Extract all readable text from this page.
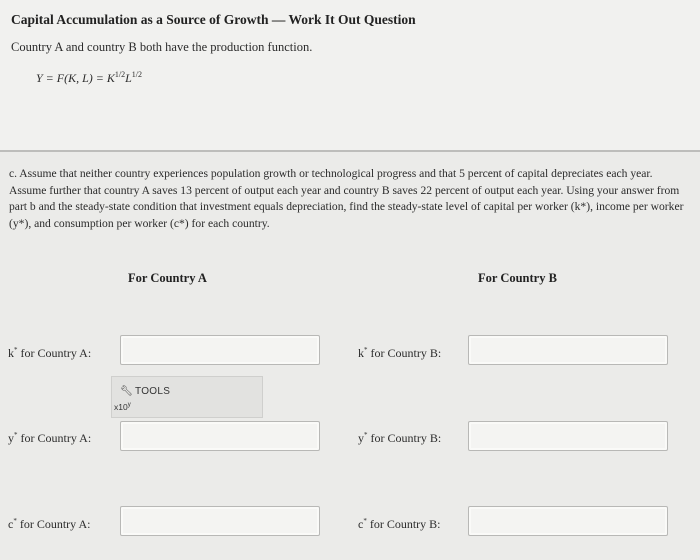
Capital Accumulation as a Source of Growth — Work It Out Question
Country A and country B both have the production function.
Y = F(K, $L) = K^{1/2}L^{1/2}$
c. Assume that neither country experiences population growth or technological progress and that 5 percent of capital depreciates each year. Assume further that country A saves 13 percent of output each year and country B saves 22 percent of output each year. Using your answer from part b and the steady-state condition that investment equals depreciation, find the steady-state level of capital per worker (k*), income per worker (y*), and consumption per worker (c*) for each country.
For Country A	For Country B
k* for Country A:	k* for Country B:
🔧︎ TOOLS
x10$^y$
y* for Country A:	y* for Country B:
c* for Country A:	c* for Country B:
